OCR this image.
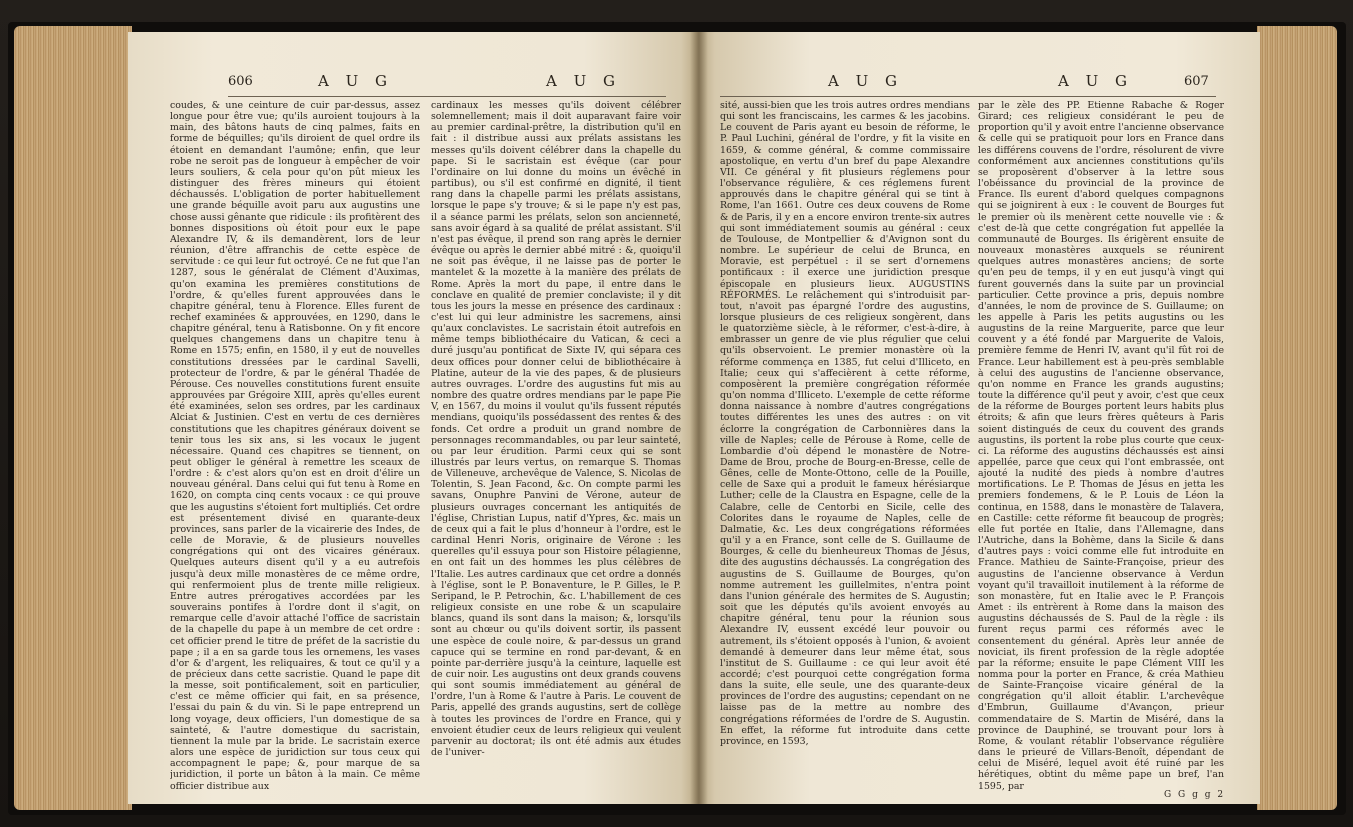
606	A U G	A U G

coudes, & une ceinture de cuir par-dessus, assez longue pour être vue; qu'ils auroient toujours à la main, des bâtons hauts de cinq palmes, faits en forme de béquilles; qu'ils diroient de quel ordre ils étoient en demandant l'aumône; enfin, que leur robe ne seroit pas de longueur à empêcher de voir leurs souliers, & cela pour qu'on pût mieux les distinguer des frères mineurs qui étoient déchaussés. L'obligation de porter habituellement une grande béquille avoit paru aux augustins une chose aussi gênante que ridicule : ils profitèrent des bonnes dispositions où étoit pour eux le pape Alexandre IV, & ils demandèrent, lors de leur réunion, d'être affranchis de cette espèce de servitude : ce qui leur fut octroyé. Ce ne fut que l'an 1287, sous le généralat de Clément d'Auximas, qu'on examina les premières constitutions de l'ordre, & qu'elles furent approuvées dans le chapitre général, tenu à Florence. Elles furent de rechef examinées & approuvées, en 1290, dans le chapitre général, tenu à Ratisbonne. On y fit encore quelques changemens dans un chapitre tenu à Rome en 1575; enfin, en 1580, il y eut de nouvelles constitutions dressées par le cardinal Savelli, protecteur de l'ordre, & par le général Thadée de Pérouse. Ces nouvelles constitutions furent ensuite approuvées par Grégoire XIII, après qu'elles eurent été examinées, selon ses ordres, par les cardinaux Alciat & Justinien. C'est en vertu de ces dernières constitutions que les chapitres généraux doivent se tenir tous les six ans, si les vocaux le jugent nécessaire. Quand ces chapitres se tiennent, on peut obliger le général à remettre les sceaux de l'ordre : & c'est alors qu'on est en droit d'élire un nouveau général. Dans celui qui fut tenu à Rome en 1620, on compta cinq cents vocaux : ce qui prouve que les augustins s'étoient fort multipliés. Cet ordre est présentement divisé en quarante-deux provinces, sans parler de la vicairerie des Indes, de celle de Moravie, & de plusieurs nouvelles congrégations qui ont des vicaires généraux. Quelques auteurs disent qu'il y a eu autrefois jusqu'à deux mille monastères de ce même ordre, qui renfermoient plus de trente mille religieux. Entre autres prérogatives accordées par les souverains pontifes à l'ordre dont il s'agit, on remarque celle d'avoir attaché l'office de sacristain de la chapelle du pape à un membre de cet ordre : cet officier prend le titre de préfet de la sacristie du pape ; il a en sa garde tous les ornemens, les vases d'or & d'argent, les reliquaires, & tout ce qu'il y a de précieux dans cette sacristie. Quand le pape dit la messe, soit pontificalement, soit en particulier, c'est ce même officier qui fait, en sa présence, l'essai du pain & du vin. Si le pape entreprend un long voyage, deux officiers, l'un domestique de sa sainteté, & l'autre domestique du sacristain, tiennent la mule par la bride. Le sacristain exerce alors une espèce de juridiction sur tous ceux qui accompagnent le pape; &, pour marque de sa juridiction, il porte un bâton à la main. Ce même officier distribue aux

cardinaux les messes qu'ils doivent célébrer solemnellement; mais il doit auparavant faire voir au premier cardinal-prêtre, la distribution qu'il en fait : il distribue aussi aux prélats assistans les messes qu'ils doivent célébrer dans la chapelle du pape. Si le sacristain est évêque (car pour l'ordinaire on lui donne du moins un évêché in partibus), ou s'il est confirmé en dignité, il tient rang dans la chapelle parmi les prélats assistans, lorsque le pape s'y trouve; & si le pape n'y est pas, il a séance parmi les prélats, selon son ancienneté, sans avoir égard à sa qualité de prélat assistant. S'il n'est pas évêque, il prend son rang après le dernier évêque ou après le dernier abbé mitré : &, quoiqu'il ne soit pas évêque, il ne laisse pas de porter le mantelet & la mozette à la manière des prélats de Rome. Après la mort du pape, il entre dans le conclave en qualité de premier conclaviste; il y dit tous les jours la messe en présence des cardinaux : c'est lui qui leur administre les sacremens, ainsi qu'aux conclavistes. Le sacristain étoit autrefois en même temps bibliothécaire du Vatican, & ceci a duré jusqu'au pontificat de Sixte IV, qui sépara ces deux offices pour donner celui de bibliothécaire à Platine, auteur de la vie des papes, & de plusieurs autres ouvrages. L'ordre des augustins fut mis au nombre des quatre ordres mendians par le pape Pie V, en 1567, du moins il voulut qu'ils fussent réputés mendians, quoiqu'ils possédassent des rentes & des fonds. Cet ordre a produit un grand nombre de personnages recommandables, ou par leur sainteté, ou par leur érudition. Parmi ceux qui se sont illustrés par leurs vertus, on remarque S. Thomas de Villeneuve, archevêque de Valence, S. Nicolas de Tolentin, S. Jean Facond, &c. On compte parmi les savans, Onuphre Panvini de Vérone, auteur de plusieurs ouvrages concernant les antiquités de l'église, Christian Lupus, natif d'Ypres, &c. mais un de ceux qui a fait le plus d'honneur à l'ordre, est le cardinal Henri Noris, originaire de Vérone : les querelles qu'il essuya pour son Histoire pélagienne, en ont fait un des hommes les plus célèbres de l'Italie. Les autres cardinaux que cet ordre a donnés à l'église, sont le P. Bonaventure, le P. Gilles, le P. Seripand, le P. Petrochin, &c. L'habillement de ces religieux consiste en une robe & un scapulaire blancs, quand ils sont dans la maison; &, lorsqu'ils sont au chœur ou qu'ils doivent sortir, ils passent une espèce de coule noire, & par-dessus un grand capuce qui se termine en rond par-devant, & en pointe par-derrière jusqu'à la ceinture, laquelle est de cuir noir. Les augustins ont deux grands couvens qui sont soumis immédiatement au général de l'ordre, l'un à Rome & l'autre à Paris. Le couvent de Paris, appellé des grands augustins, sert de collège à toutes les provinces de l'ordre en France, qui y envoient étudier ceux de leurs religieux qui veulent parvenir au doctorat; ils ont été admis aux études de l'univer-

A U G	A U G	607

sité, aussi-bien que les trois autres ordres mendians qui sont les franciscains, les carmes & les jacobins. Le couvent de Paris ayant eu besoin de réforme, le P. Paul Luchini, général de l'ordre, y fit la visite en 1659, & comme général, & comme commissaire apostolique, en vertu d'un bref du pape Alexandre VII. Ce général y fit plusieurs réglemens pour l'observance régulière, & ces réglemens furent approuvés dans le chapitre général qui se tint à Rome, l'an 1661. Outre ces deux couvens de Rome & de Paris, il y en a encore environ trente-six autres qui sont immédiatement soumis au général : ceux de Toulouse, de Montpellier & d'Avignon sont du nombre. Le supérieur de celui de Brunca, en Moravie, est perpétuel : il se sert d'ornemens pontificaux : il exerce une juridiction presque épiscopale en plusieurs lieux. AUGUSTINS RÉFORMÉS. Le relâchement qui s'introduisit par-tout, n'avoit pas épargné l'ordre des augustins, lorsque plusieurs de ces religieux songèrent, dans le quatorzième siècle, à le réformer, c'est-à-dire, à embrasser un genre de vie plus régulier que celui qu'ils observoient. Le premier monastère où la réforme commença en 1385, fut celui d'Illiceto, en Italie; ceux qui s'affecièrent à cette réforme, composèrent la première congrégation réformée qu'on nomma d'Illiceto. L'exemple de cette réforme donna naissance à nombre d'autres congrégations toutes différentes les unes des autres : on vit éclorre la congrégation de Carbonnières dans la ville de Naples; celle de Pérouse à Rome, celle de Lombardie d'où dépend le monastère de Notre-Dame de Brou, proche de Bourg-en-Bresse, celle de Gênes, celle de Monte-Ottono, celle de la Pouille, celle de Saxe qui a produit le fameux hérésiarque Luther; celle de la Claustra en Espagne, celle de la Calabre, celle de Centorbi en Sicile, celle des Colorites dans le royaume de Naples, celle de Dalmatie, &c. Les deux congrégations réformées qu'il y a en France, sont celle de S. Guillaume de Bourges, & celle du bienheureux Thomas de Jésus, dite des augustins déchaussés. La congrégation des augustins de S. Guillaume de Bourges, qu'on nomme autrement les guillelmites, n'entra point dans l'union générale des hermites de S. Augustin; soit que les députés qu'ils avoient envoyés au chapitre général, tenu pour la réunion sous Alexandre IV, eussent excédé leur pouvoir ou autrement, ils s'étoient opposés à l'union, & avoient demandé à demeurer dans leur même état, sous l'institut de S. Guillaume : ce qui leur avoit été accordé; c'est pourquoi cette congrégation forma dans la suite, elle seule, une des quarante-deux provinces de l'ordre des augustins; cependant on ne laisse pas de la mettre au nombre des congrégations réformées de l'ordre de S. Augustin. En effet, la réforme fut introduite dans cette province, en 1593,

par le zèle des PP. Etienne Rabache & Roger Girard; ces religieux considérant le peu de proportion qu'il y avoit entre l'ancienne observance & celle qui se pratiquoit pour lors en France dans les différens couvens de l'ordre, résolurent de vivre conformément aux anciennes constitutions qu'ils se proposèrent d'observer à la lettre sous l'obéissance du provincial de la province de France. Ils eurent d'abord quelques compagnons qui se joignirent à eux : le couvent de Bourges fut le premier où ils menèrent cette nouvelle vie : & c'est de-là que cette congrégation fut appellée la communauté de Bourges. Ils érigèrent ensuite de nouveaux monastères auxquels se réunirent quelques autres monastères anciens; de sorte qu'en peu de temps, il y en eut jusqu'à vingt qui furent gouvernés dans la suite par un provincial particulier. Cette province a pris, depuis nombre d'années, le nom de province de S. Guillaume; on les appelle à Paris les petits augustins ou les augustins de la reine Marguerite, parce que leur couvent y a été fondé par Marguerite de Valois, première femme de Henri IV, avant qu'il fût roi de France. Leur habillement est à peu-près semblable à celui des augustins de l'ancienne observance, qu'on nomme en France les grands augustins; toute la différence qu'il peut y avoir, c'est que ceux de la réforme de Bourges portent leurs habits plus étroits; & afin que leurs frères quêteurs à Paris soient distingués de ceux du couvent des grands augustins, ils portent la robe plus courte que ceux-ci. La réforme des augustins déchaussés est ainsi appellée, parce que ceux qui l'ont embrassée, ont ajouté la nudité des pieds à nombre d'autres mortifications. Le P. Thomas de Jésus en jetta les premiers fondemens, & le P. Louis de Léon la continua, en 1588, dans le monastère de Talavera, en Castille: cette réforme fit beaucoup de progrès; elle fut portée en Italie, dans l'Allemagne, dans l'Autriche, dans la Bohème, dans la Sicile & dans d'autres pays : voici comme elle fut introduite en France. Mathieu de Sainte-Françoise, prieur des augustins de l'ancienne observance à Verdun voyant qu'il travailloit inutilement à la réforme de son monastère, fut en Italie avec le P. François Amet : ils entrèrent à Rome dans la maison des augustins déchaussés de S. Paul de la règle : ils furent reçus parmi ces réformés avec le consentement du général. Après leur année de noviciat, ils firent profession de la règle adoptée par la réforme; ensuite le pape Clément VIII les nomma pour la porter en France, & créa Mathieu de Sainte-Françoise vicaire général de la congrégation qu'il alloit établir. L'archevêque d'Embrun, Guillaume d'Avançon, prieur commendataire de S. Martin de Miséré, dans la province de Dauphiné, se trouvant pour lors à Rome, & voulant rétablir l'observance régulière dans le prieuré de Villars-Benoît, dépendant de celui de Miséré, lequel avoit été ruiné par les hérétiques, obtint du même pape un bref, l'an 1595, par

G G g g 2
